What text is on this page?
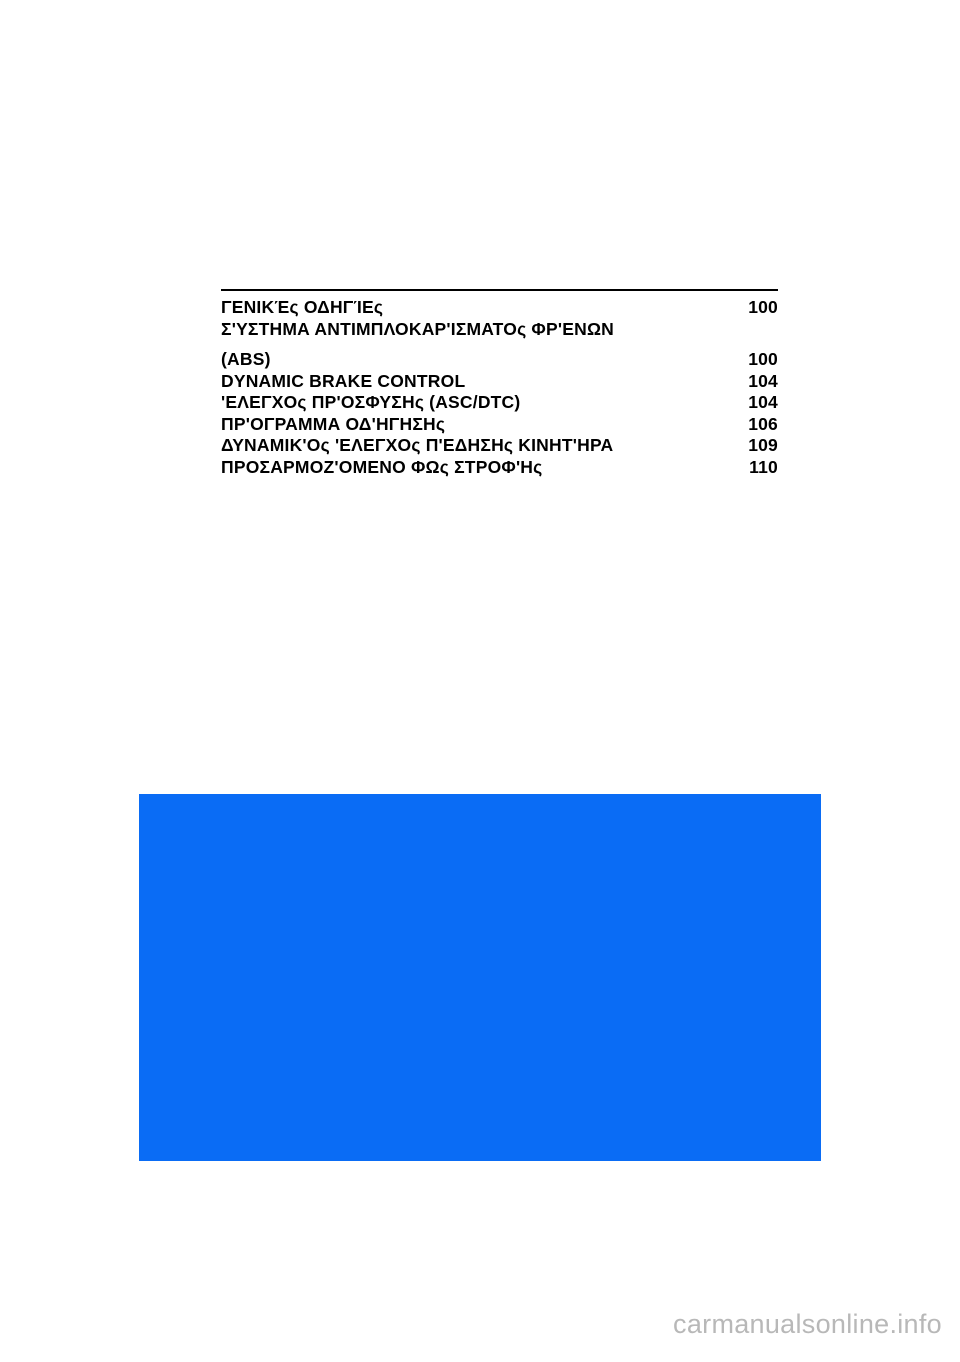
ΓΕΝΙΚΈς ΟΔΗΓΊΕς	100
Σ'ΥΣΤΗΜΑ ΑΝΤΙΜΠΛΟΚΑΡ'ΙΣΜΑΤΟς ΦΡ'ΕΝΩΝ
(ABS)	100
DYNAMIC BRAKE CONTROL	104
'ΕΛΕΓΧΟς ΠΡ'ΟΣΦΥΣΗς (ASC/DTC)	104
ΠΡ'ΟΓΡΑΜΜΑ ΟΔ'ΗΓΗΣΗς	106
ΔΥΝΑΜΙΚ'Ος 'ΕΛΕΓΧΟς Π'ΕΔΗΣΗς ΚΙΝΗΤ'ΗΡΑ	109
ΠΡΟΣΑΡΜΟΖ'ΟΜΕΝΟ ΦΩς ΣΤΡΟΦ'Ης	110
carmanualsonline.info
